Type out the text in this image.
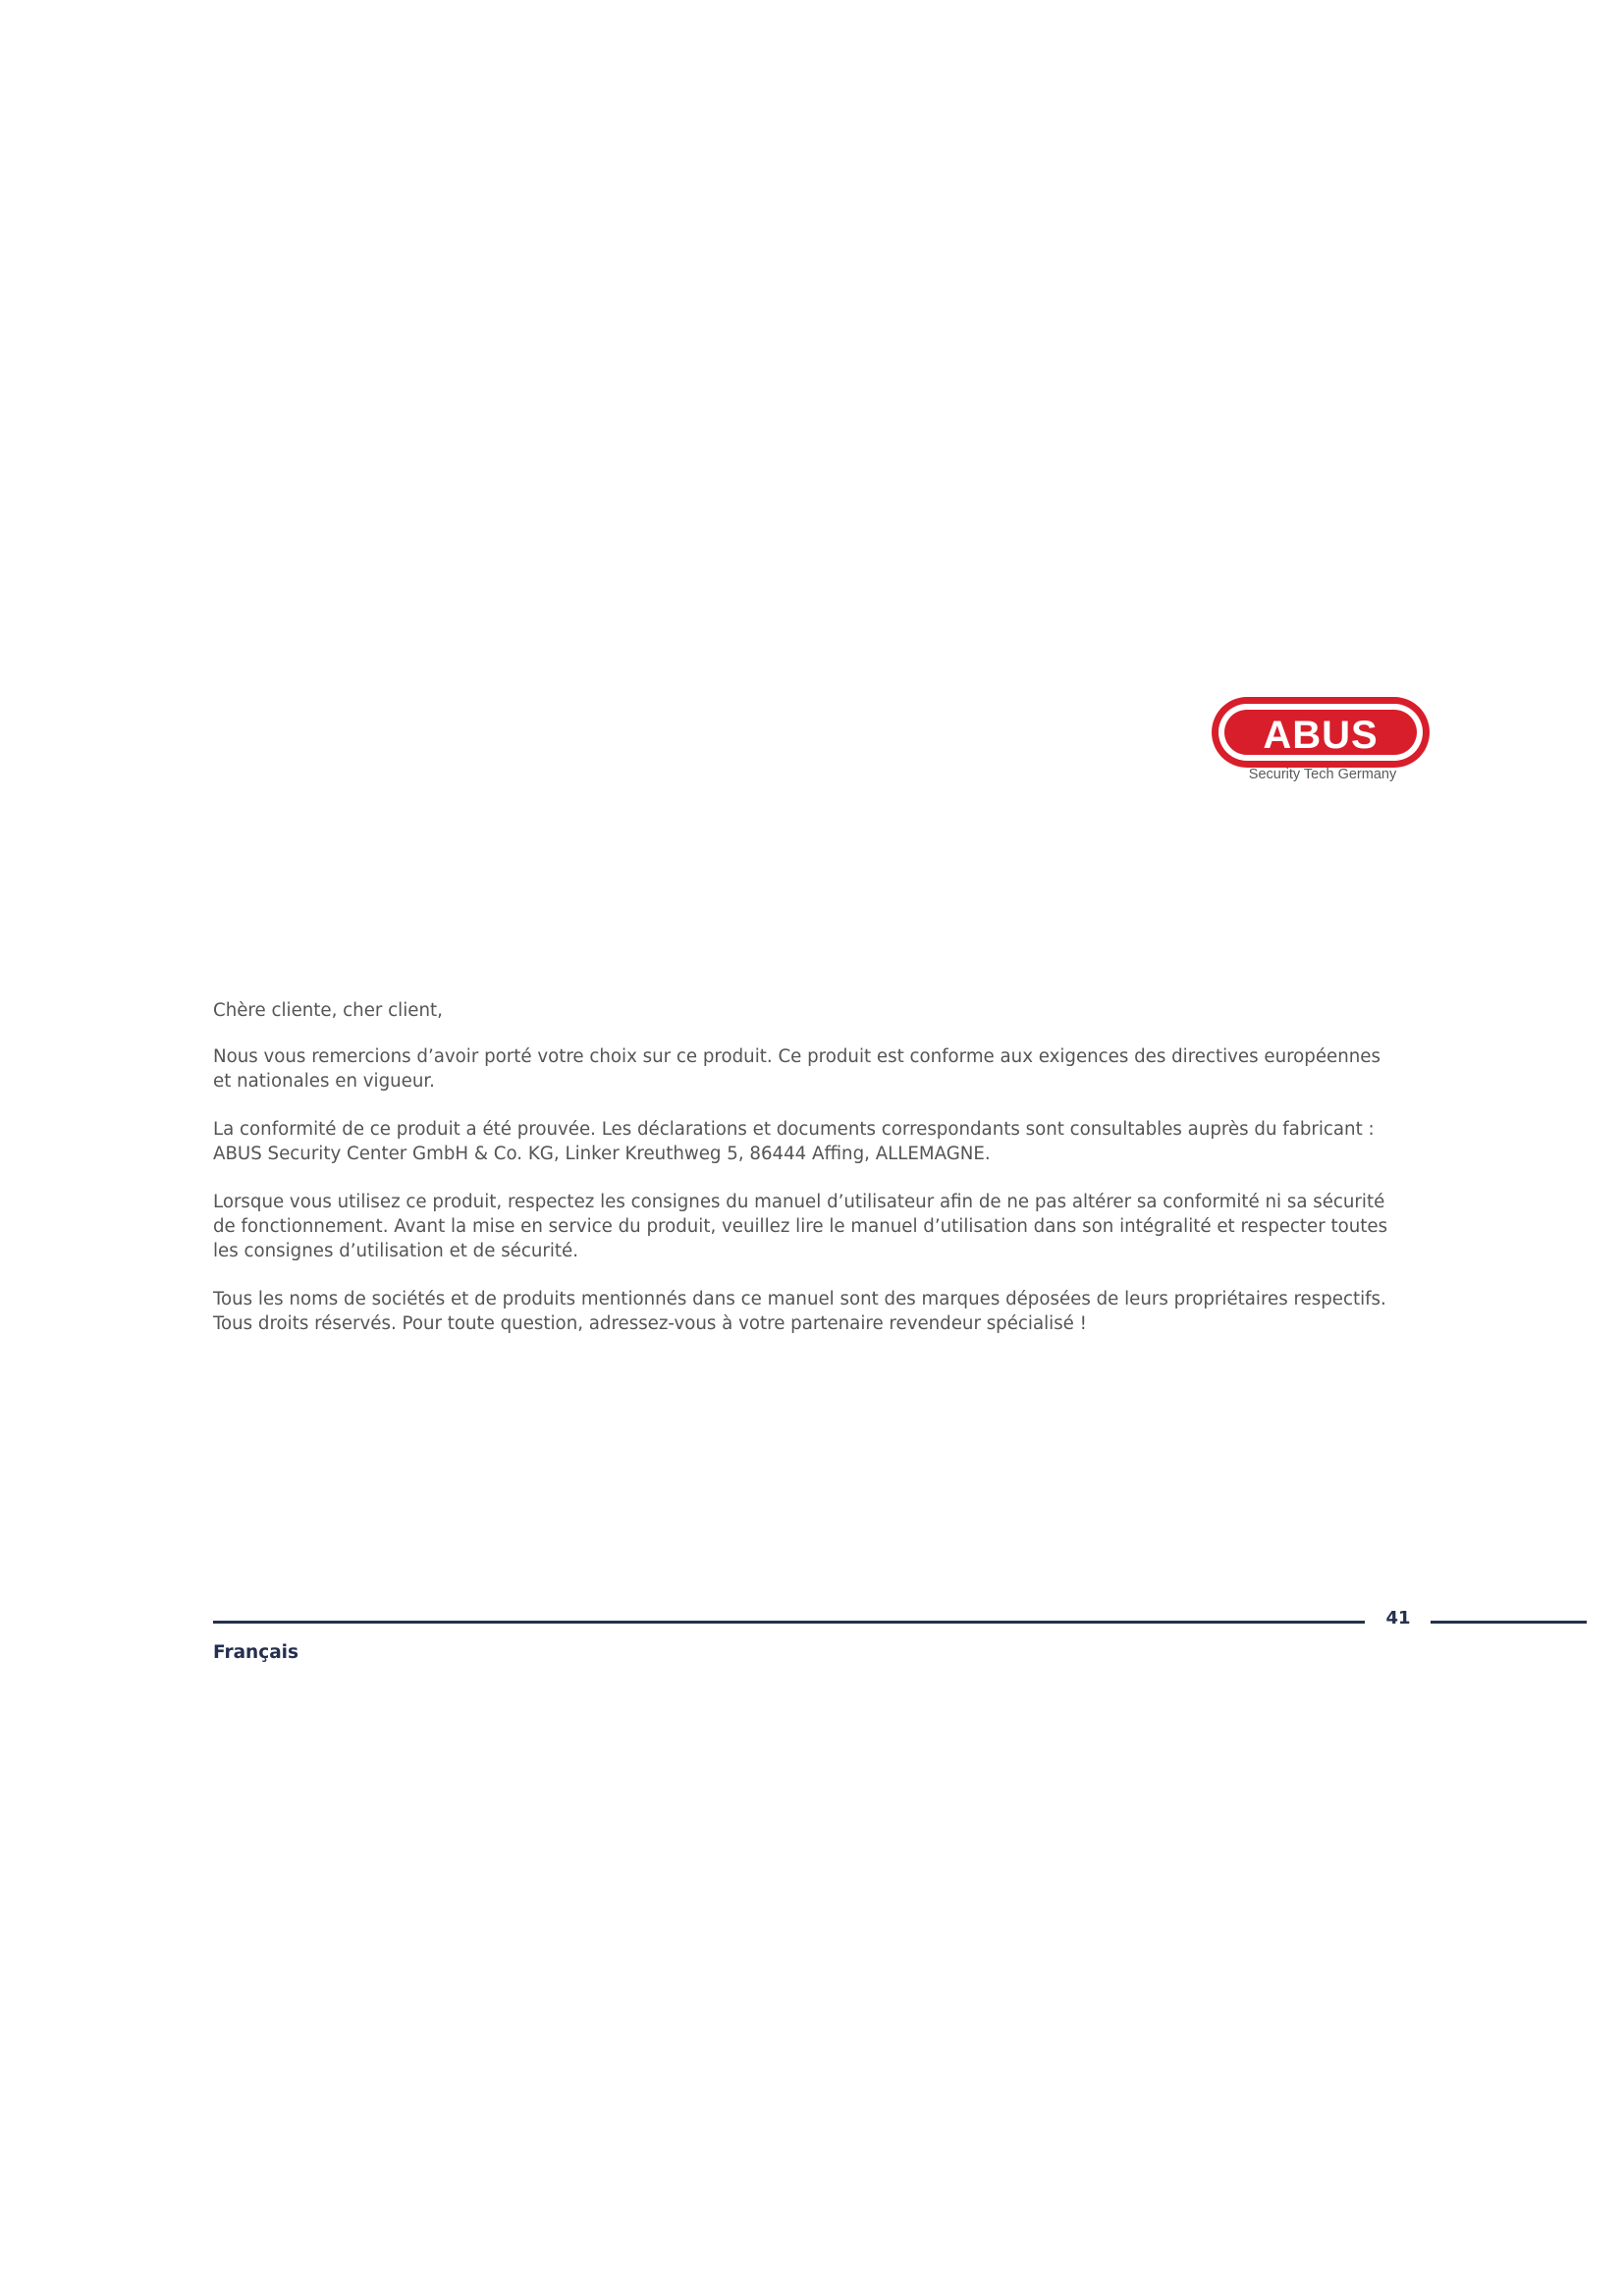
ABUS
Security Tech Germany

Chère cliente, cher client,

Nous vous remercions d’avoir porté votre choix sur ce produit. Ce produit est conforme aux exigences des directives européennes et nationales en vigueur.

La conformité de ce produit a été prouvée. Les déclarations et documents correspondants sont consultables auprès du fabricant : ABUS Security Center GmbH & Co. KG, Linker Kreuthweg 5, 86444 Affing, ALLEMAGNE.

Lorsque vous utilisez ce produit, respectez les consignes du manuel d’utilisateur afin de ne pas altérer sa conformité ni sa sécurité de fonctionnement. Avant la mise en service du produit, veuillez lire le manuel d’utilisation dans son intégralité et respecter toutes les consignes d’utilisation et de sécurité.

Tous les noms de sociétés et de produits mentionnés dans ce manuel sont des marques déposées de leurs propriétaires respectifs. Tous droits réservés. Pour toute question, adressez-vous à votre partenaire revendeur spécialisé !

41
Français
